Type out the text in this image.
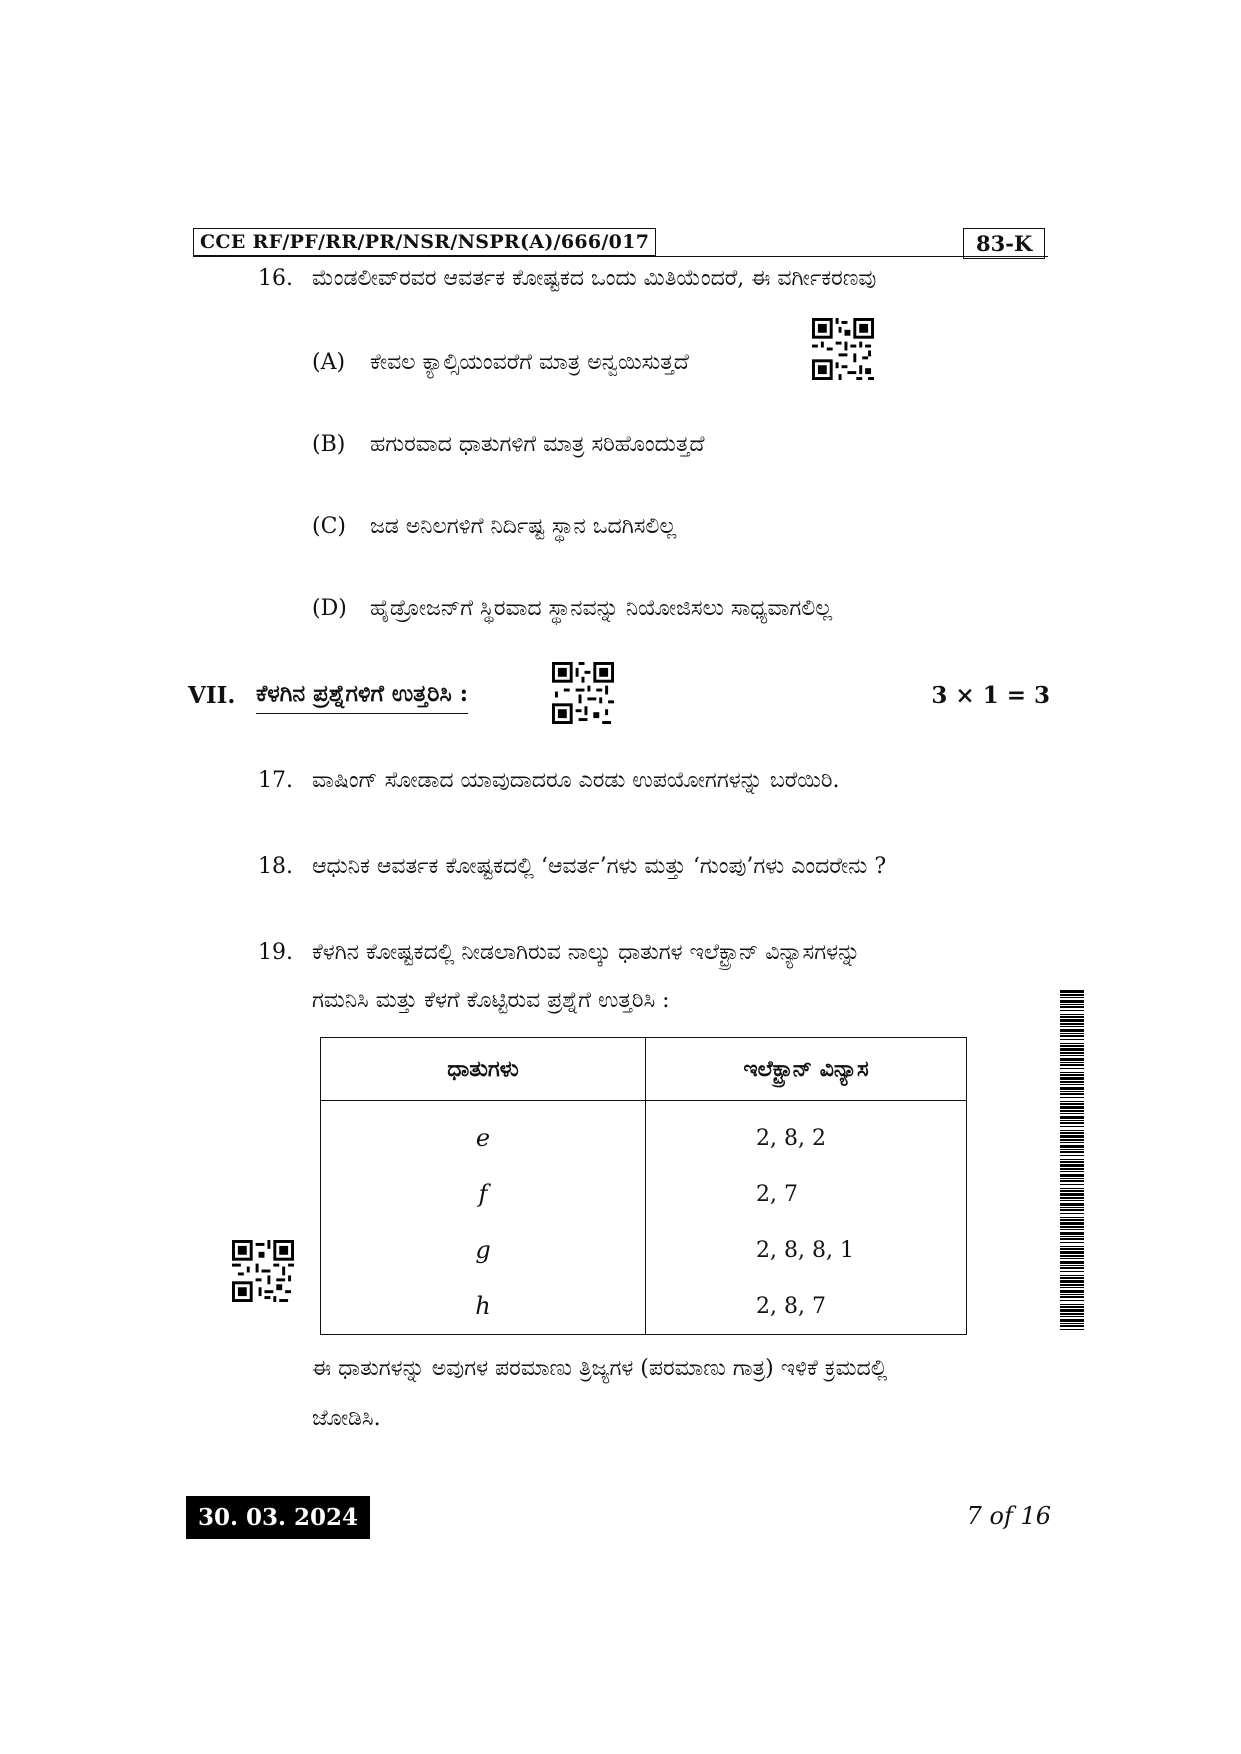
CCE RF/PF/RR/PR/NSR/NSPR(A)/666/017	83-K
16. ಮೆಂಡಲೀವ್‌ರವರ ಆವರ್ತಕ ಕೋಷ್ಟಕದ ಒಂದು ಮಿತಿಯೆಂದರೆ, ಈ ವರ್ಗೀಕರಣವು
(A) ಕೇವಲ ಕ್ಯಾಲ್ಸಿಯಂವರೆಗೆ ಮಾತ್ರ ಅನ್ವಯಿಸುತ್ತದೆ
(B) ಹಗುರವಾದ ಧಾತುಗಳಿಗೆ ಮಾತ್ರ ಸರಿಹೊಂದುತ್ತದೆ
(C) ಜಡ ಅನಿಲಗಳಿಗೆ ನಿರ್ದಿಷ್ಟ ಸ್ಥಾನ ಒದಗಿಸಲಿಲ್ಲ
(D) ಹೈಡ್ರೋಜನ್‌ಗೆ ಸ್ಥಿರವಾದ ಸ್ಥಾನವನ್ನು ನಿಯೋಜಿಸಲು ಸಾಧ್ಯವಾಗಲಿಲ್ಲ
VII. ಕೆಳಗಿನ ಪ್ರಶ್ನೆಗಳಿಗೆ ಉತ್ತರಿಸಿ :	3 × 1 = 3
17. ವಾಷಿಂಗ್ ಸೋಡಾದ ಯಾವುದಾದರೂ ಎರಡು ಉಪಯೋಗಗಳನ್ನು ಬರೆಯಿರಿ.
18. ಆಧುನಿಕ ಆವರ್ತಕ ಕೋಷ್ಟಕದಲ್ಲಿ ‘ಆವರ್ತ’ಗಳು ಮತ್ತು ‘ಗುಂಪು’ಗಳು ಎಂದರೇನು ?
19. ಕೆಳಗಿನ ಕೋಷ್ಟಕದಲ್ಲಿ ನೀಡಲಾಗಿರುವ ನಾಲ್ಕು ಧಾತುಗಳ ಇಲೆಕ್ಟ್ರಾನ್ ವಿನ್ಯಾಸಗಳನ್ನು
ಗಮನಿಸಿ ಮತ್ತು ಕೆಳಗೆ ಕೊಟ್ಟಿರುವ ಪ್ರಶ್ನೆಗೆ ಉತ್ತರಿಸಿ :
ಧಾತುಗಳು	ಇಲೆಕ್ಟ್ರಾನ್ ವಿನ್ಯಾಸ
e	2, 8, 2
f	2, 7
g	2, 8, 8, 1
h	2, 8, 7
ಈ ಧಾತುಗಳನ್ನು ಅವುಗಳ ಪರಮಾಣು ತ್ರಿಜ್ಯಗಳ (ಪರಮಾಣು ಗಾತ್ರ) ಇಳಿಕೆ ಕ್ರಮದಲ್ಲಿ
ಜೋಡಿಸಿ.
30. 03. 2024	7 of 16
